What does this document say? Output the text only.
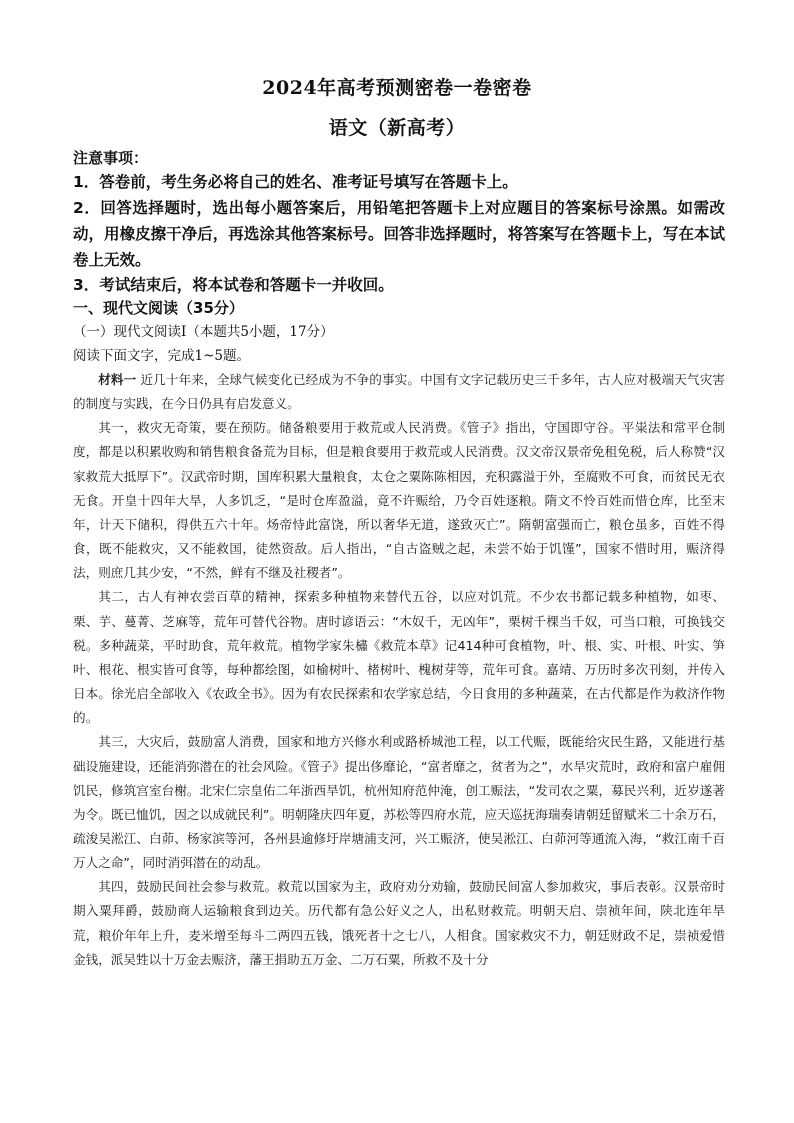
2024年高考预测密卷一卷密卷
语文（新高考）
注意事项：
1．答卷前，考生务必将自己的姓名、准考证号填写在答题卡上。
2．回答选择题时，选出每小题答案后，用铅笔把答题卡上对应题目的答案标号涂黑。如需改动，用橡皮擦干净后，再选涂其他答案标号。回答非选择题时，将答案写在答题卡上，写在本试卷上无效。
3．考试结束后，将本试卷和答题卡一并收回。
一、现代文阅读（35分）
（一）现代文阅读Ⅰ（本题共5小题，17分）
阅读下面文字，完成1~5题。

材料一 近几十年来，全球气候变化已经成为不争的事实。中国有文字记载历史三千多年，古人应对极端天气灾害的制度与实践，在今日仍具有启发意义。

其一，救灾无奇策，要在预防。储备粮要用于救荒或人民消费。《管子》指出，守国即守谷。平粜法和常平仓制度，都是以积累收购和销售粮食备荒为目标，但是粮食要用于救荒或人民消费。汉文帝汉景帝免租免税，后人称赞“汉家救荒大抵厚下”。汉武帝时期，国库积累大量粮食，太仓之粟陈陈相因，充积露溢于外，至腐败不可食，而贫民无衣无食。开皇十四年大旱，人多饥乏，“是时仓库盈溢，竟不许赈给，乃令百姓逐粮。隋文不怜百姓而惜仓库，比至末年，计天下储积，得供五六十年。炀帝恃此富饶，所以奢华无道，遂致灭亡”。隋朝富强而亡，粮仓虽多，百姓不得食，既不能救灾，又不能救国，徒然资敌。后人指出，“自古盗贼之起，未尝不始于饥馑”，国家不惜时用，赈济得法，则庶几其少安，“不然，鲜有不继及社稷者”。

其二，古人有神农尝百草的精神，探索多种植物来替代五谷，以应对饥荒。不少农书都记载多种植物，如枣、栗、芋、蔓菁、芝麻等，荒年可替代谷物。唐时谚语云：“木奴千，无凶年”，栗树千棵当千奴，可当口粮，可换钱交税。多种蔬菜，平时助食，荒年救荒。植物学家朱橚《救荒本草》记414种可食植物，叶、根、实、叶根、叶实、笋叶、根花、根实皆可食等，每种都绘图，如榆树叶、楮树叶、槐树芽等，荒年可食。嘉靖、万历时多次刊刻，并传入日本。徐光启全部收入《农政全书》。因为有农民探索和农学家总结，今日食用的多种蔬菜，在古代都是作为救济作物的。

其三，大灾后，鼓励富人消费，国家和地方兴修水利或路桥城池工程，以工代赈，既能给灾民生路，又能进行基础设施建设，还能消弥潜在的社会风险。《管子》提出侈靡论，“富者靡之，贫者为之”，水旱灾荒时，政府和富户雇佣饥民，修筑宫室台榭。北宋仁宗皇佑二年浙西旱饥，杭州知府范仲淹，创工赈法，“发司农之粟，募民兴利，近岁遂著为令。既已恤饥，因之以成就民利”。明朝隆庆四年夏，苏松等四府水荒，应天巡抚海瑞奏请朝廷留赋米二十余万石，疏浚吴淞江、白茆、杨家滨等河，各州县逾修圩岸塘浦支河，兴工赈济，使吴淞江、白茆河等通流入海，“救江南千百万人之命”，同时消弭潜在的动乱。

其四，鼓励民间社会参与救荒。救荒以国家为主，政府劝分劝输，鼓励民间富人参加救灾，事后表彰。汉景帝时期入粟拜爵，鼓励商人运输粮食到边关。历代都有急公好义之人，出私财救荒。明朝天启、崇祯年间，陕北连年旱荒，粮价年年上升，麦米增至每斗二两四五钱，饿死者十之七八，人相食。国家救灾不力，朝廷财政不足，崇祯爱惜金钱，派吴甡以十万金去赈济，藩王捐助五万金、二万石粟，所救不及十分
